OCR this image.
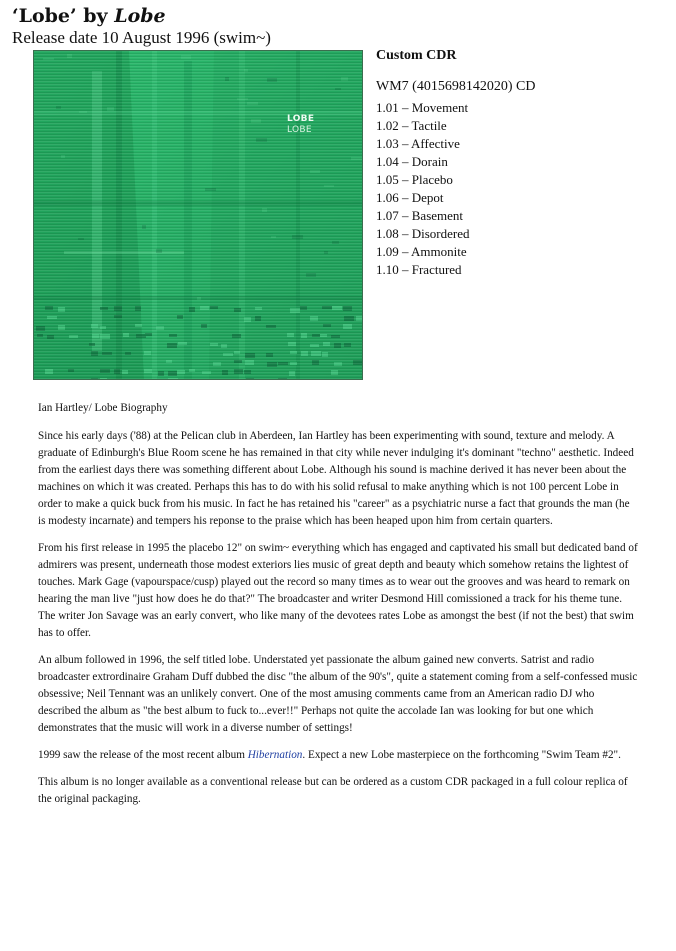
‘Lobe’ by Lobe
Release date 10 August 1996 (swim~)
LOBE
LOBE
Custom CDR
WM7 (4015698142020) CD
1.01 – Movement
1.02 – Tactile
1.03 – Affective
1.04 – Dorain
1.05 – Placebo
1.06 – Depot
1.07 – Basement
1.08 – Disordered
1.09 – Ammonite
1.10 – Fractured

Ian Hartley/ Lobe Biography

Since his early days ('88) at the Pelican club in Aberdeen, Ian Hartley has been experimenting with sound, texture and melody. A graduate of Edinburgh's Blue Room scene he has remained in that city while never indulging it's dominant "techno" aesthetic. Indeed from the earliest days there was something different about Lobe. Although his sound is machine derived it has never been about the machines on which it was created. Perhaps this has to do with his solid refusal to make anything which is not 100 percent Lobe in order to make a quick buck from his music. In fact he has retained his "career" as a psychiatric nurse a fact that grounds the man (he is modesty incarnate) and tempers his reponse to the praise which has been heaped upon him from certain quarters.

From his first release in 1995 the placebo 12" on swim~ everything which has engaged and captivated his small but dedicated band of admirers was present, underneath those modest exteriors lies music of great depth and beauty which somehow retains the lightest of touches. Mark Gage (vapourspace/cusp) played out the record so many times as to wear out the grooves and was heard to remark on hearing the man live "just how does he do that?" The broadcaster and writer Desmond Hill comissioned a track for his theme tune. The writer Jon Savage was an early convert, who like many of the devotees rates Lobe as amongst the best (if not the best) that swim has to offer.

An album followed in 1996, the self titled lobe. Understated yet passionate the album gained new converts. Satrist and radio broadcaster extrordinaire Graham Duff dubbed the disc "the album of the 90's", quite a statement coming from a self-confessed music obsessive; Neil Tennant was an unlikely convert. One of the most amusing comments came from an American radio DJ who described the album as "the best album to fuck to...ever!!" Perhaps not quite the accolade Ian was looking for but one which demonstrates that the music will work in a diverse number of settings!

1999 saw the release of the most recent album Hibernation. Expect a new Lobe masterpiece on the forthcoming "Swim Team #2".

This album is no longer available as a conventional release but can be ordered as a custom CDR packaged in a full colour replica of the original packaging.
